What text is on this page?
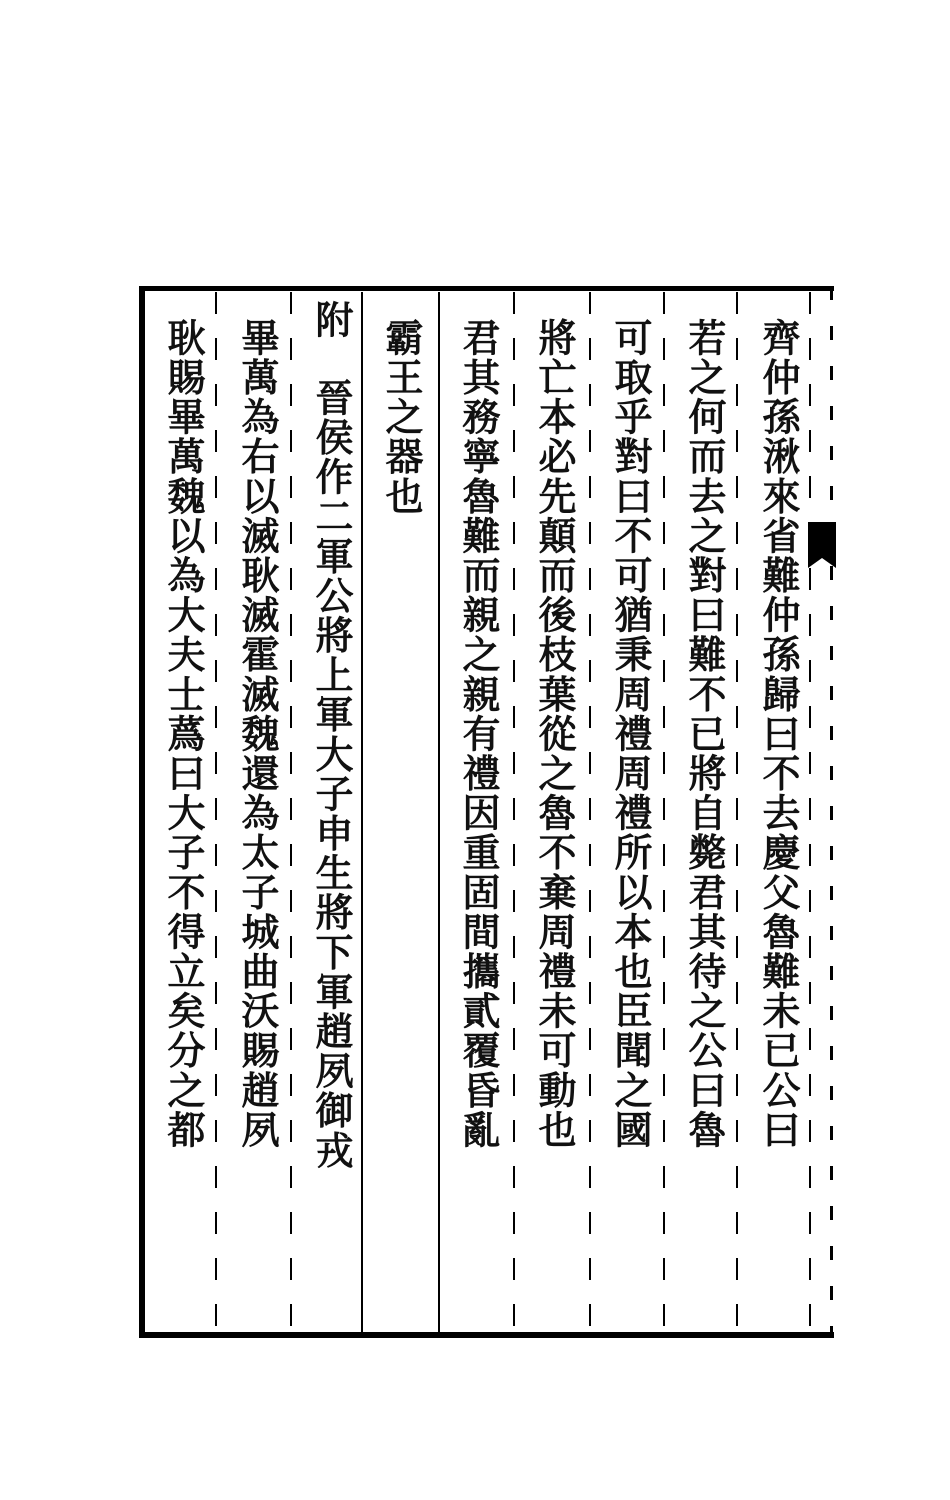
齊仲孫湫來省難仲孫歸曰不去慶父魯難未已公曰
若之何而去之對曰難不已將自斃君其待之公曰魯
可取乎對曰不可猶秉周禮周禮所以本也臣聞之國
將亡本必先顛而後枝葉從之魯不棄周禮未可動也
君其務寧魯難而親之親有禮因重固間攜貳覆昏亂
霸王之器也
附
晉侯作二軍公將上軍大子申生將下軍趙夙御戎
畢萬為右以滅耿滅霍滅魏還為太子城曲沃賜趙夙
耿賜畢萬魏以為大夫士蔿曰大子不得立矣分之都
